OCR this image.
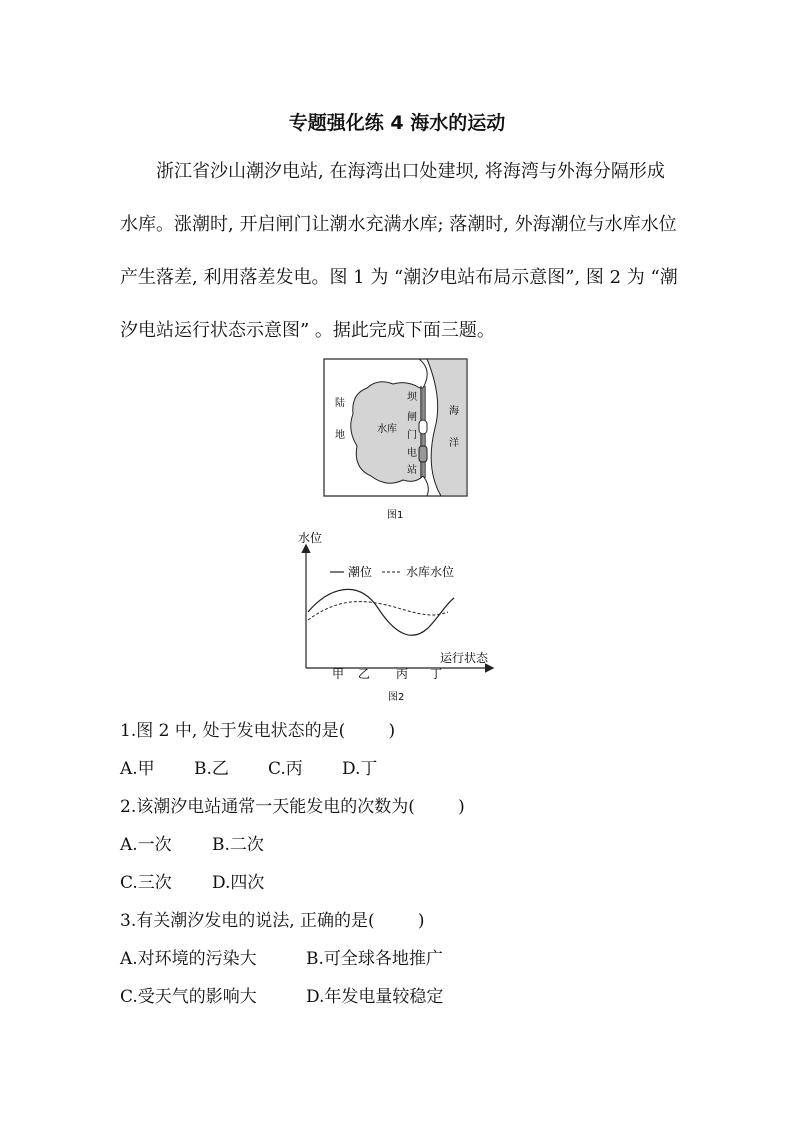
专题强化练 4 海水的运动
浙江省沙山潮汐电站, 在海湾出口处建坝, 将海湾与外海分隔形成水库。涨潮时, 开启闸门让潮水充满水库; 落潮时, 外海潮位与水库水位产生落差, 利用落差发电。图 1 为 “潮汐电站布局示意图”, 图 2 为 “潮汐电站运行状态示意图” 。据此完成下面三题。
陆
地
水库
海
洋
坝
闸
门
电
站
图1
水位
运行状态
潮位	水库水位
甲 乙 丙 丁
图2
1.图 2 中, 处于发电状态的是(        )
A.甲 B.乙 C.丙 D.丁
2.该潮汐电站通常一天能发电的次数为(        )
A.一次 B.二次
C.三次 D.四次
3.有关潮汐发电的说法, 正确的是(        )
A.对环境的污染大	B.可全球各地推广
C.受天气的影响大	D.年发电量较稳定
